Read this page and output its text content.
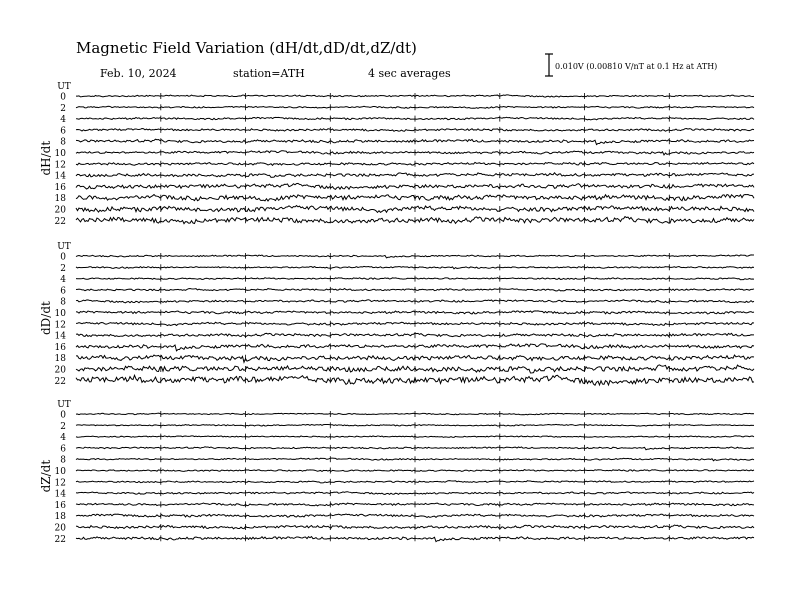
Magnetic Field Variation (dH/dt,dD/dt,dZ/dt)
Feb. 10, 2024	station=ATH	4 sec averages
0.010V (0.00810 V/nT at 0.1 Hz at ATH)
UT
dH/dt
0
2
4
6
8
10
12
14
16
18
20
22
UT
dD/dt
0
2
4
6
8
10
12
14
16
18
20
22
UT
dZ/dt
0
2
4
6
8
10
12
14
16
18
20
22
